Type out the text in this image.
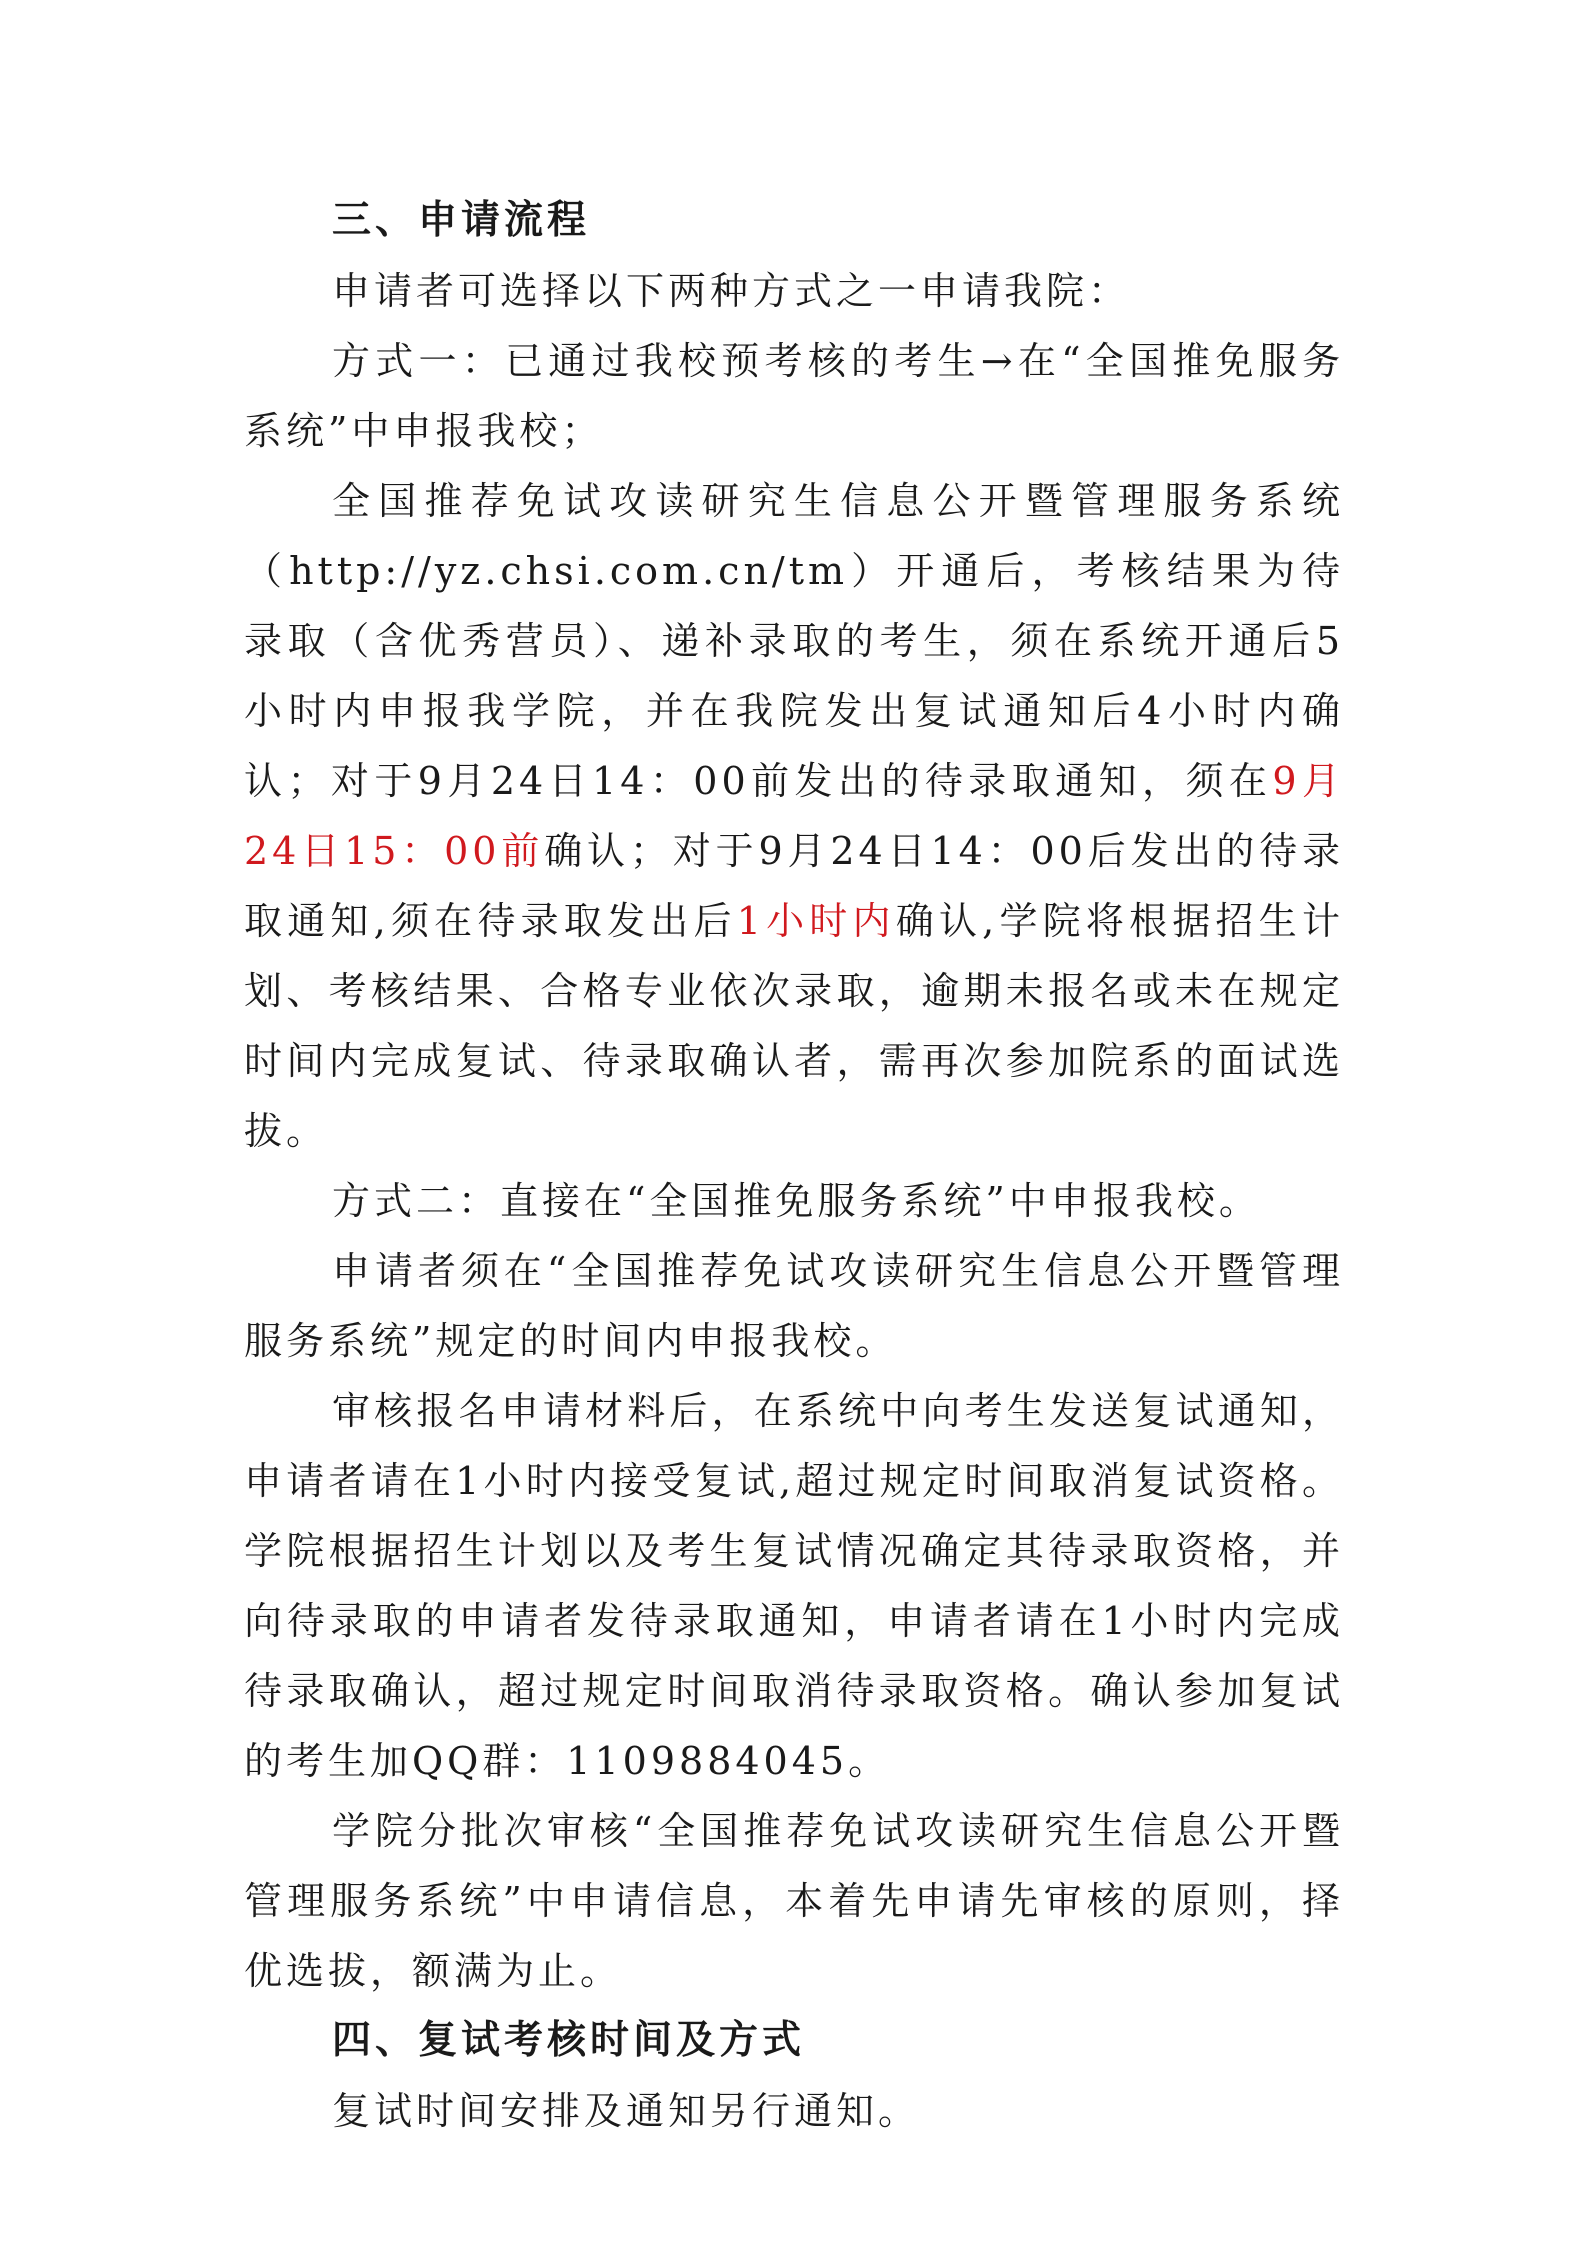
三、申请流程

申请者可选择以下两种方式之一申请我院：

方式一：已通过我校预考核的考生→在“全国推免服务系统”中申报我校；

全国推荐免试攻读研究生信息公开暨管理服务系统（http://yz.chsi.com.cn/tm）开通后，考核结果为待录取（含优秀营员）、递补录取的考生，须在系统开通后5小时内申报我学院，并在我院发出复试通知后4小时内确认；对于9月24日14：00前发出的待录取通知，须在9月24日15：00前确认；对于9月24日14：00后发出的待录取通知,须在待录取发出后1小时内确认,学院将根据招生计划、考核结果、合格专业依次录取，逾期未报名或未在规定时间内完成复试、待录取确认者，需再次参加院系的面试选拔。

方式二：直接在“全国推免服务系统”中申报我校。

申请者须在“全国推荐免试攻读研究生信息公开暨管理服务系统”规定的时间内申报我校。

审核报名申请材料后，在系统中向考生发送复试通知，申请者请在1小时内接受复试,超过规定时间取消复试资格。学院根据招生计划以及考生复试情况确定其待录取资格，并向待录取的申请者发待录取通知，申请者请在1小时内完成待录取确认，超过规定时间取消待录取资格。确认参加复试的考生加QQ群：1109884045。

学院分批次审核“全国推荐免试攻读研究生信息公开暨管理服务系统”中申请信息，本着先申请先审核的原则，择优选拔，额满为止。

四、复试考核时间及方式

复试时间安排及通知另行通知。
